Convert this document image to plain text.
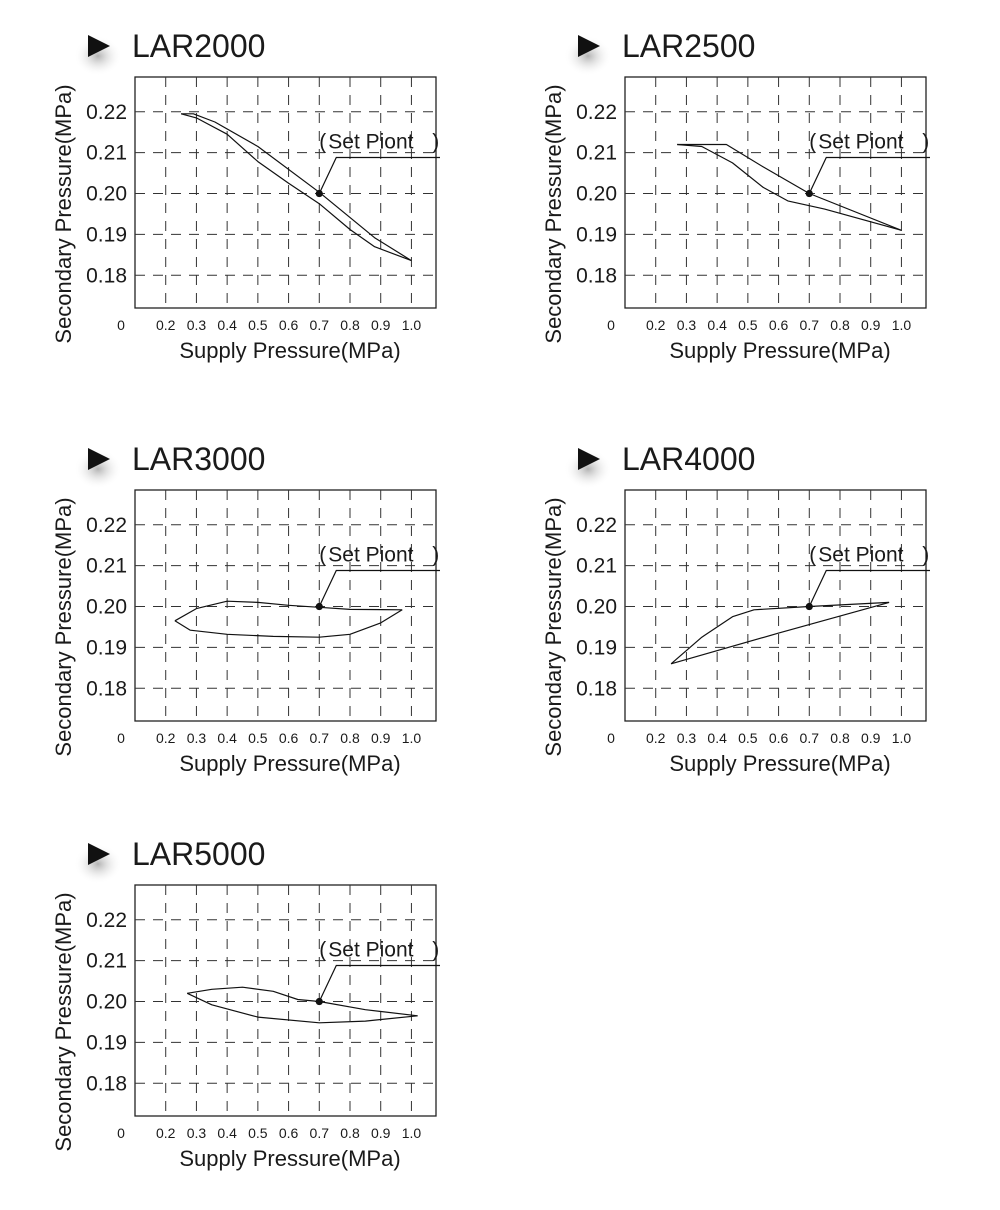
LAR2000
0.22
0.21
0.20
0.19
0.18
0 0.2 0.3 0.4 0.5 0.6 0.7 0.8 0.9 1.0
Supply Pressure(MPa)
Secondary Pressure(MPa)	( Set Piont )
LAR2500
0.22
0.21
0.20
0.19
0.18
0 0.2 0.3 0.4 0.5 0.6 0.7 0.8 0.9 1.0
Supply Pressure(MPa)
Secondary Pressure(MPa)	( Set Piont )
LAR3000
0.22
0.21
0.20
0.19
0.18
0 0.2 0.3 0.4 0.5 0.6 0.7 0.8 0.9 1.0
Supply Pressure(MPa)
Secondary Pressure(MPa)	( Set Piont )
LAR4000
0.22
0.21
0.20
0.19
0.18
0 0.2 0.3 0.4 0.5 0.6 0.7 0.8 0.9 1.0
Supply Pressure(MPa)
Secondary Pressure(MPa)	( Set Piont )
LAR5000
0.22
0.21
0.20
0.19
0.18
0 0.2 0.3 0.4 0.5 0.6 0.7 0.8 0.9 1.0
Supply Pressure(MPa)
Secondary Pressure(MPa)	( Set Piont )
